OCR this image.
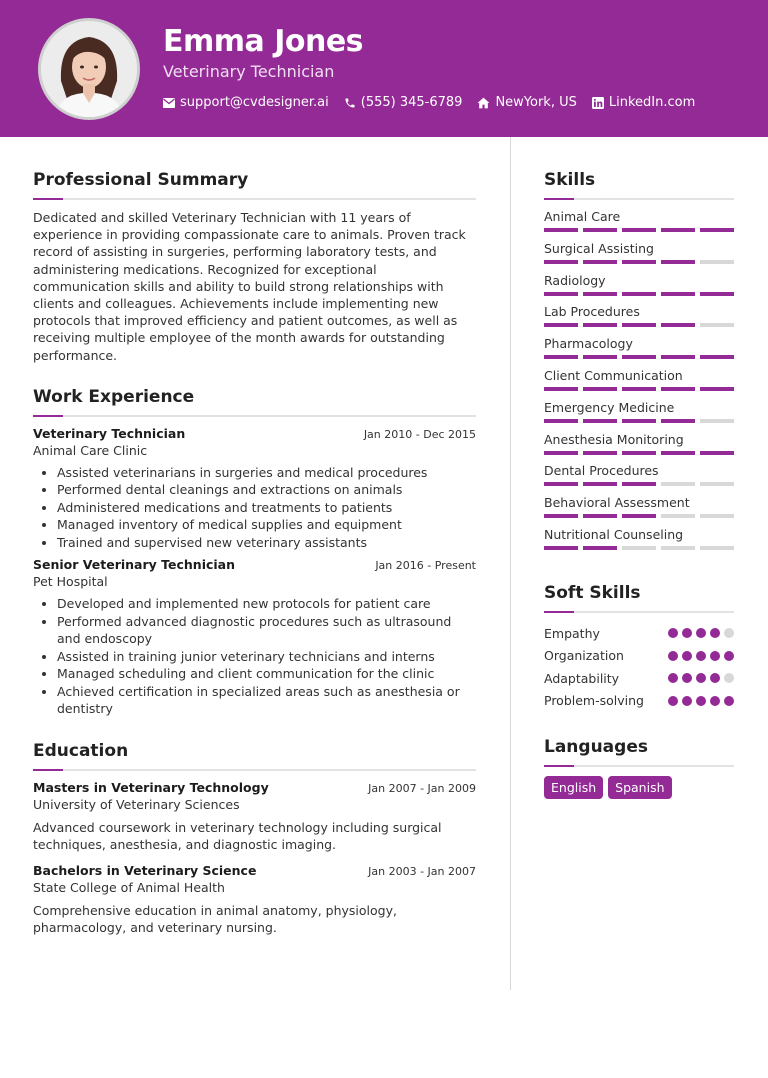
Emma Jones
Veterinary Technician
support@cvdesigner.ai (555) 345-6789	NewYork, US LinkedIn.com
Professional Summary

Dedicated and skilled Veterinary Technician with 11 years of experience in providing compassionate care to animals. Proven track record of assisting in surgeries, performing laboratory tests, and administering medications. Recognized for exceptional communication skills and ability to build strong relationships with clients and colleagues. Achievements include implementing new protocols that improved efficiency and patient outcomes, as well as receiving multiple employee of the month awards for outstanding performance.

Work Experience
Veterinary Technician	Jan 2010 - Dec 2015
Animal Care Clinic
• Assisted veterinarians in surgeries and medical procedures
• Performed dental cleanings and extractions on animals
• Administered medications and treatments to patients
• Managed inventory of medical supplies and equipment
• Trained and supervised new veterinary assistants
Senior Veterinary Technician	Jan 2016 - Present
Pet Hospital
• Developed and implemented new protocols for patient care
• Performed advanced diagnostic procedures such as ultrasound and endoscopy
• Assisted in training junior veterinary technicians and interns
• Managed scheduling and client communication for the clinic
• Achieved certification in specialized areas such as anesthesia or dentistry
Education
Masters in Veterinary Technology	Jan 2007 - Jan 2009
University of Veterinary Sciences

Advanced coursework in veterinary technology including surgical techniques, anesthesia, and diagnostic imaging.

Bachelors in Veterinary Science	Jan 2003 - Jan 2007
State College of Animal Health

Comprehensive education in animal anatomy, physiology, pharmacology, and veterinary nursing.

Skills
Animal Care
Surgical Assisting
Radiology
Lab Procedures
Pharmacology
Client Communication
Emergency Medicine
Anesthesia Monitoring
Dental Procedures
Behavioral Assessment
Nutritional Counseling
Soft Skills
Empathy
Organization
Adaptability
Problem-solving
Languages
English	Spanish
